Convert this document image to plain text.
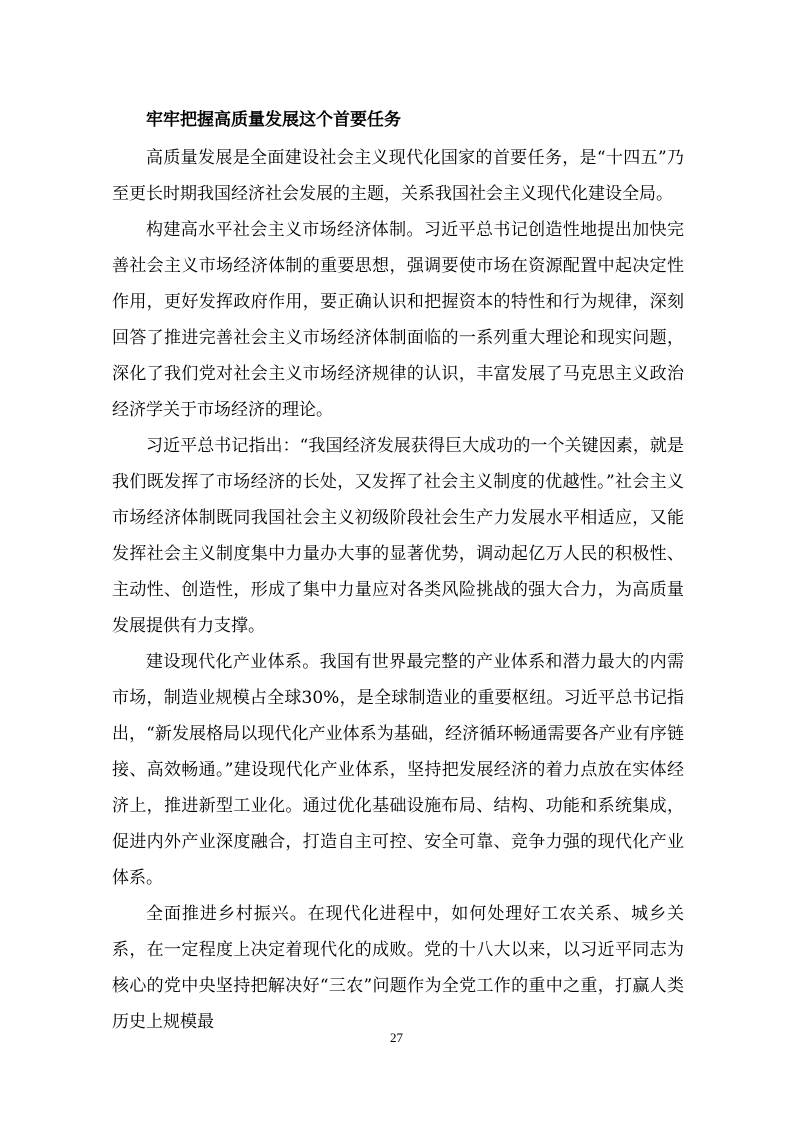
牢牢把握高质量发展这个首要任务

高质量发展是全面建设社会主义现代化国家的首要任务，是“十四五”乃至更长时期我国经济社会发展的主题，关系我国社会主义现代化建设全局。

构建高水平社会主义市场经济体制。习近平总书记创造性地提出加快完善社会主义市场经济体制的重要思想，强调要使市场在资源配置中起决定性作用，更好发挥政府作用，要正确认识和把握资本的特性和行为规律，深刻回答了推进完善社会主义市场经济体制面临的一系列重大理论和现实问题，深化了我们党对社会主义市场经济规律的认识，丰富发展了马克思主义政治经济学关于市场经济的理论。

习近平总书记指出：“我国经济发展获得巨大成功的一个关键因素，就是我们既发挥了市场经济的长处，又发挥了社会主义制度的优越性。”社会主义市场经济体制既同我国社会主义初级阶段社会生产力发展水平相适应，又能发挥社会主义制度集中力量办大事的显著优势，调动起亿万人民的积极性、主动性、创造性，形成了集中力量应对各类风险挑战的强大合力，为高质量发展提供有力支撑。

建设现代化产业体系。我国有世界最完整的产业体系和潜力最大的内需市场，制造业规模占全球30%，是全球制造业的重要枢纽。习近平总书记指出，“新发展格局以现代化产业体系为基础，经济循环畅通需要各产业有序链接、高效畅通。”建设现代化产业体系，坚持把发展经济的着力点放在实体经济上，推进新型工业化。通过优化基础设施布局、结构、功能和系统集成，促进内外产业深度融合，打造自主可控、安全可靠、竞争力强的现代化产业体系。

全面推进乡村振兴。在现代化进程中，如何处理好工农关系、城乡关系，在一定程度上决定着现代化的成败。党的十八大以来，以习近平同志为核心的党中央坚持把解决好“三农”问题作为全党工作的重中之重，打赢人类历史上规模最

27
